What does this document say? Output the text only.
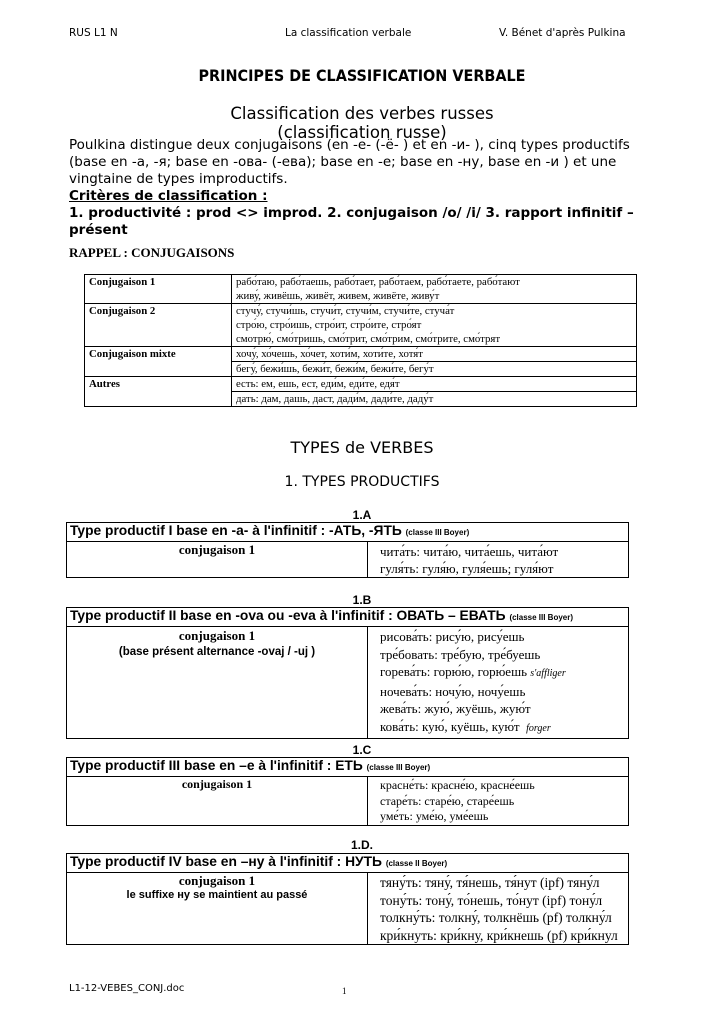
RUS L1 N	La classification verbale	V. Bénet d'après Pulkina
PRINCIPES DE CLASSIFICATION VERBALE
Classification des verbes russes
(classification russe)
Poulkina distingue deux conjugaisons (en -е- (-ё- ) et en -и- ), cinq types productifs (base en -а, -я; base en -ова- (-ева); base en -е; base en -ну, base en -и ) et une vingtaine de types improductifs.
Critères de classification :
1. productivité : prod <> improd. 2. conjugaison /o/ /i/ 3. rapport infinitif – présent
RAPPEL : CONJUGAISONS
Conjugaison 1	рабо́таю, рабо́таешь, рабо́тает, рабо́таем, рабо́таете, рабо́тают
	живу́, живёшь, живёт, живем, живёте, живу́т
Conjugaison 2	стучу́, стучи́шь, стучи́т, стучи́м, стучи́те, стуча́т
	стро́ю, стро́ишь, стро́ит, стро́ите, стро́ят
	смотрю́, смо́тришь, смо́трит, смо́трим, смо́трите, смо́трят
Conjugaison mixte	хочу́, хо́чешь, хо́чет, хоти́м, хоти́те, хотя́т
	бегу́, бежи́шь, бежи́т, бежи́м, бежи́те, бегу́т
Autres	есть: ем, ешь, ест, еди́м, еди́те, едя́т
	дать: дам, дашь, даст, дади́м, дади́те, даду́т
TYPES de VERBES
1. TYPES PRODUCTIFS
1.A
Type productif I base en -a- à l'infinitif : -АТЬ, -ЯТЬ (classe III Boyer)

conjugaison 1	чита́ть: чита́ю, чита́ешь, чита́ют
гуля́ть: гуля́ю, гуля́ешь; гуля́ют
1.B
Type productif II base en -ova ou -eva à l'infinitif : ОВАТЬ – ЕВАТЬ (classe III Boyer)

conjugaison 1
(base présent alternance -ovaj / -uj )

рисова́ть: рису́ю, рису́ешь
тре́бовать: тре́бую, тре́буешь
горева́ть: горю́ю, горю́ешь s'affliger
ночева́ть: ночу́ю, ночу́ешь
жева́ть: жую́, жуёшь, жую́т
кова́ть: кую́, куёшь, кую́т forger
1.C
Type productif III base en –e à l'infinitif : ЕТЬ (classe III Boyer)

conjugaison 1	красне́ть: красне́ю, красне́ешь
старе́ть: старе́ю, старе́ешь
уме́ть: уме́ю, уме́ешь
1.D.
Type productif IV base en –ну à l'infinitif : НУТЬ (classe II Boyer)

conjugaison 1
le suffixe ну se maintient au passé

тяну́ть: тяну́, тя́нешь, тя́нут (ipf) тяну́л
тону́ть: тону́, то́нешь, то́нут (ipf) тону́л
толкну́ть: толкну́, толкнёшь (pf) толкну́л
кри́кнуть: кри́кну, кри́кнешь (pf) кри́кнул
L1-12-VEBES_CONJ.doc	1
